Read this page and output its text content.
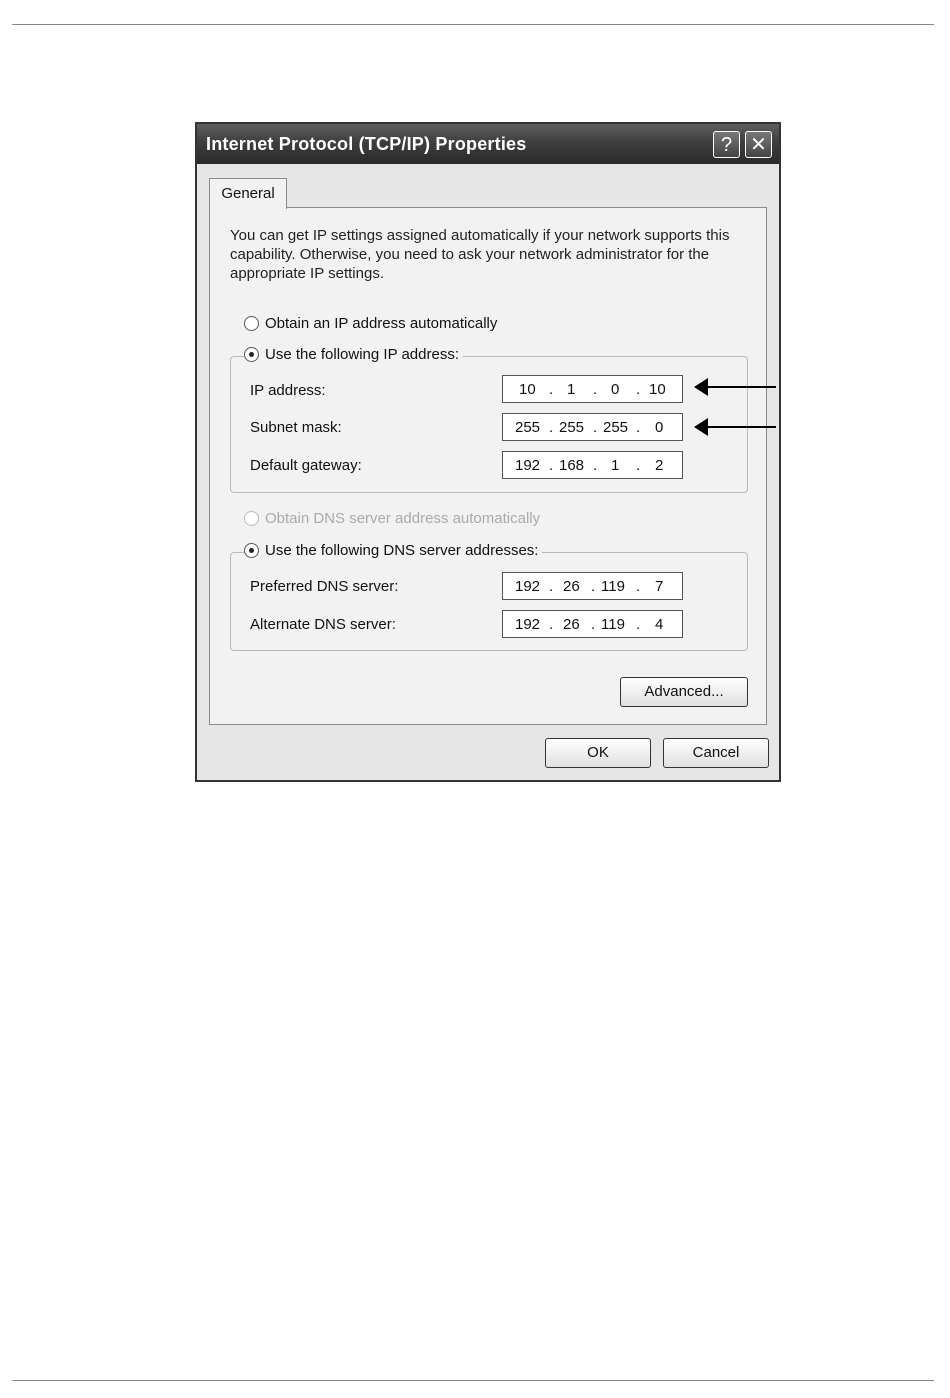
Internet Protocol (TCP/IP) Properties	? ✕
General
You can get IP settings assigned automatically if your network supports this capability. Otherwise, you need to ask your network administrator for the appropriate IP settings.
Obtain an IP address automatically
Use the following IP address:
IP address:	10 . 1 . 0 . 10
Subnet mask:	255 . 255 . 255 . 0
Default gateway:	192 . 168 . 1 . 2
Obtain DNS server address automatically
Use the following DNS server addresses:
Preferred DNS server:	192 . 26 . 119 . 7
Alternate DNS server:	192 . 26 . 119 . 4
Advanced...
OK	Cancel
